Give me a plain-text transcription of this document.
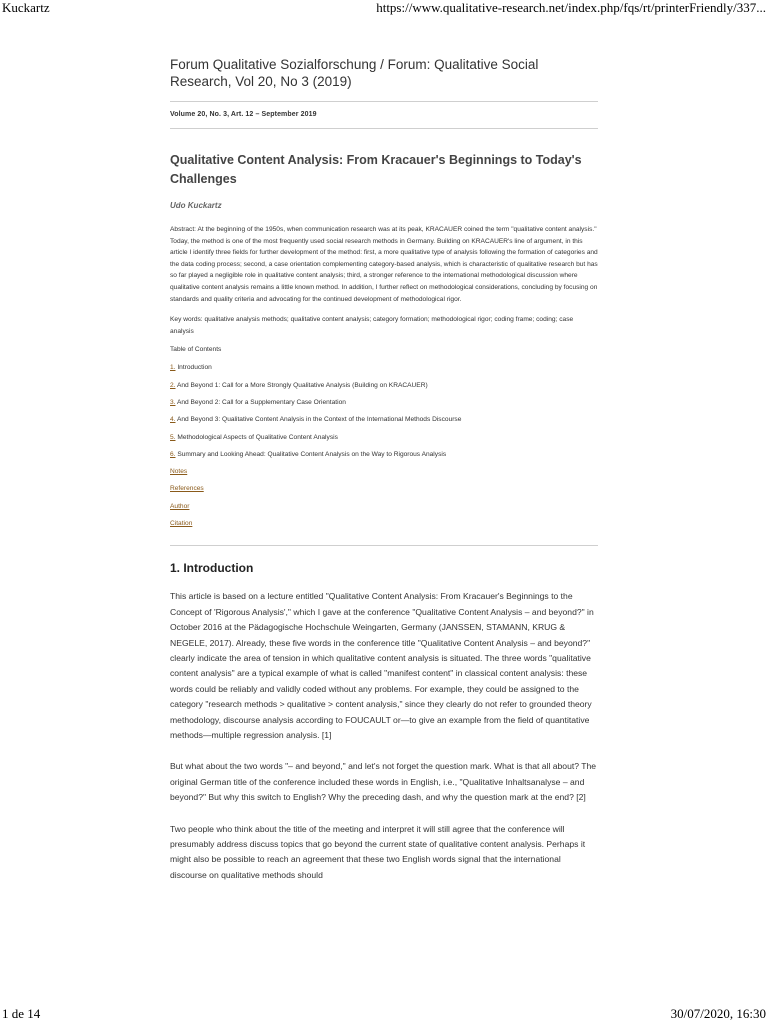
Kuckartz	https://www.qualitative-research.net/index.php/fqs/rt/printerFriendly/337...

Forum Qualitative Sozialforschung / Forum: Qualitative Social Research, Vol 20, No 3 (2019)

Volume 20, No. 3, Art. 12 – September 2019
Qualitative Content Analysis: From Kracauer's Beginnings to Today's Challenges
Udo Kuckartz
Abstract: At the beginning of the 1950s, when communication research was at its peak, KRACAUER coined the term "qualitative content analysis." Today, the method is one of the most frequently used social research methods in Germany. Building on KRACAUER's line of argument, in this article I identify three fields for further development of the method: first, a more qualitative type of analysis following the formation of categories and the data coding process; second, a case orientation complementing category-based analysis, which is characteristic of qualitative research but has so far played a negligible role in qualitative content analysis; third, a stronger reference to the international methodological discussion where qualitative content analysis remains a little known method. In addition, I further reflect on methodological considerations, concluding by focusing on standards and quality criteria and advocating for the continued development of methodological rigor.
Key words: qualitative analysis methods; qualitative content analysis; category formation; methodological rigor; coding frame; coding; case analysis
Table of Contents
1. Introduction
2. And Beyond 1: Call for a More Strongly Qualitative Analysis (Building on KRACAUER)
3. And Beyond 2: Call for a Supplementary Case Orientation
4. And Beyond 3: Qualitative Content Analysis in the Context of the International Methods Discourse
5. Methodological Aspects of Qualitative Content Analysis
6. Summary and Looking Ahead: Qualitative Content Analysis on the Way to Rigorous Analysis
Notes
References
Author
Citation
1. Introduction

This article is based on a lecture entitled "Qualitative Content Analysis: From Kracauer's Beginnings to the Concept of 'Rigorous Analysis'," which I gave at the conference "Qualitative Content Analysis – and beyond?" in October 2016 at the Pädagogische Hochschule Weingarten, Germany (JANSSEN, STAMANN, KRUG & NEGELE, 2017). Already, these five words in the conference title "Qualitative Content Analysis – and beyond?" clearly indicate the area of tension in which qualitative content analysis is situated. The three words "qualitative content analysis" are a typical example of what is called "manifest content" in classical content analysis: these words could be reliably and validly coded without any problems. For example, they could be assigned to the category "research methods > qualitative > content analysis," since they clearly do not refer to grounded theory methodology, discourse analysis according to FOUCAULT or—to give an example from the field of quantitative methods—multiple regression analysis. [1]

But what about the two words "– and beyond," and let's not forget the question mark. What is that all about? The original German title of the conference included these words in English, i.e., "Qualitative Inhaltsanalyse – and beyond?" But why this switch to English? Why the preceding dash, and why the question mark at the end? [2]

Two people who think about the title of the meeting and interpret it will still agree that the conference will presumably address discuss topics that go beyond the current state of qualitative content analysis. Perhaps it might also be possible to reach an agreement that these two English words signal that the international discourse on qualitative methods should

1 de 14	30/07/2020, 16:30
